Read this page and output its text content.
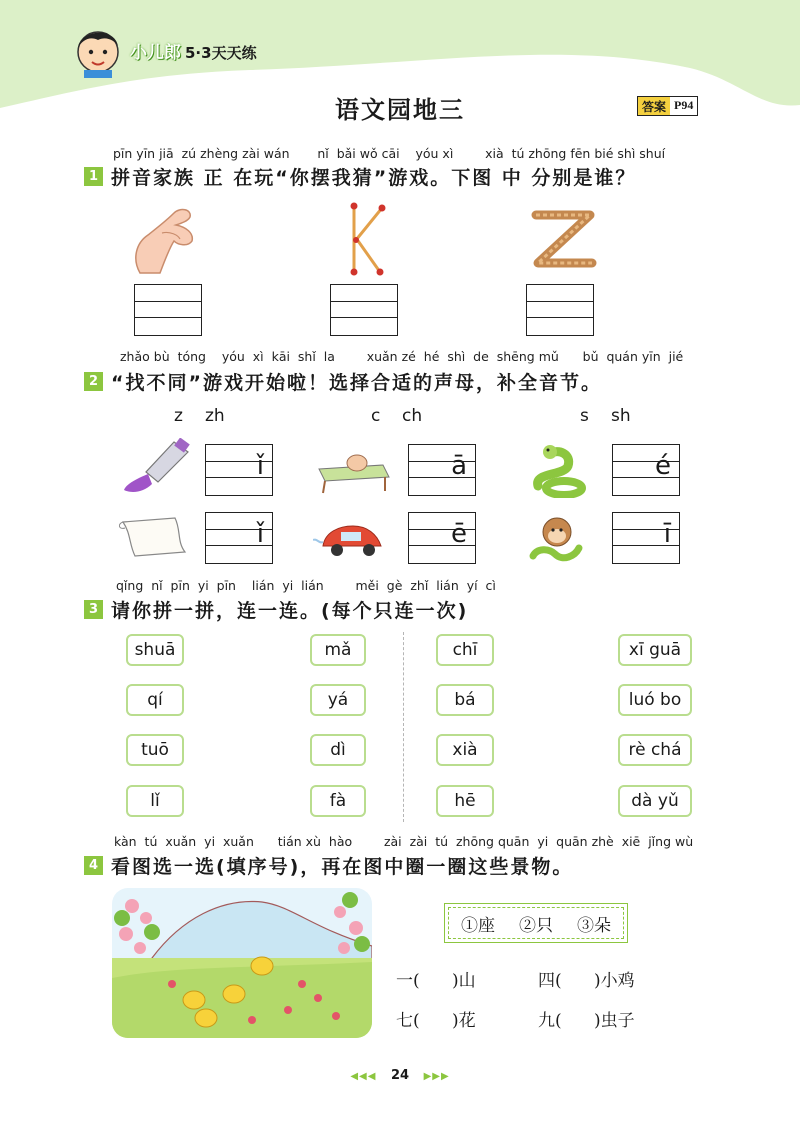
小儿郎 5·3天天练
语文园地三	答案 P94
pīn yīn jiā  zú zhèng zài wán       nǐ  bǎi wǒ cāi    yóu xì        xià  tú zhōng fēn bié shì shuí
1 拼音家族 正 在玩“你摆我猜”游戏。下图 中 分别是谁？
zhǎo bù  tóng    yóu  xì  kāi  shǐ  la        xuǎn zé  hé  shì  de  shēng mǔ      bǔ  quán yīn  jié
2 “找不同”游戏开始啦！选择合适的声母，补全音节。
z zh	c ch	s sh
ǐ	ā	é
ǐ	ē	ī
qǐng  nǐ  pīn  yi  pīn    lián  yi  lián        měi  gè  zhǐ  lián  yí  cì
3 请你拼一拼，连一连。(每个只连一次)
shuā
qí
tuō
lǐ
mǎ
yá
dì
fà
chī
bá
xià
hē
xī guā
luó bo
rè chá
dà yǔ
kàn  tú  xuǎn  yi  xuǎn      tián xù  hào        zài  zài  tú  zhōng quān  yi  quān zhè  xiē  jǐng wù
4 看图选一选(填序号)，再在图中圈一圈这些景物。
①座 ②只 ③朵
一(      )山	四(      )小鸡
七(      )花	九(      )虫子
◀◀◀ 24 ▶▶▶
